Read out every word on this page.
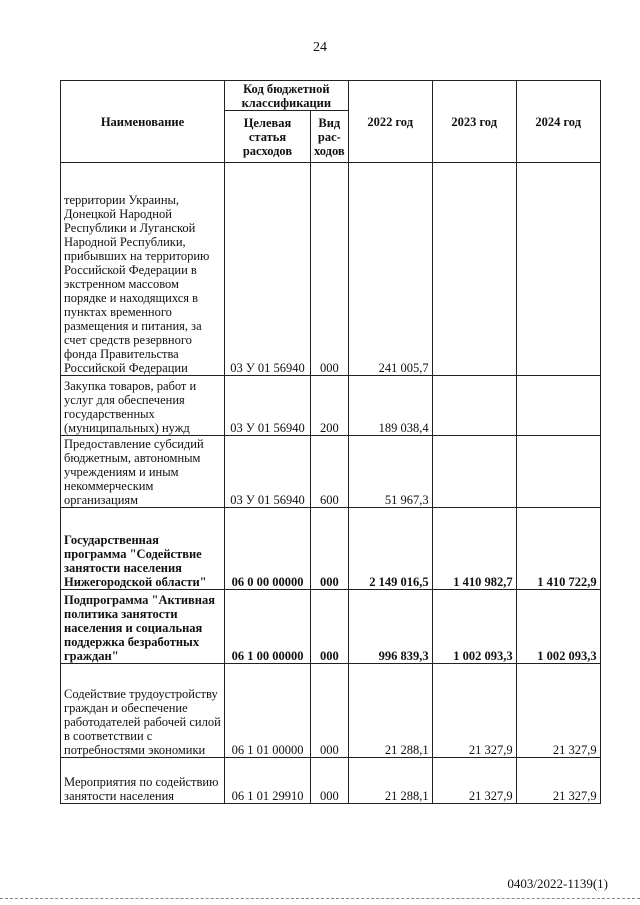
24
Наименование	Код бюджетной классификации		2022 год	2023 год	2024 год
	Целевая статья расходов	Вид рас-ходов			
территории Украины, Донецкой Народной Республики и Луганской Народной Республики, прибывших на территорию Российской Федерации в экстренном массовом порядке и находящихся в пунктах временного размещения и питания, за счет средств резервного фонда Правительства Российской Федерации	03 У 01 56940	000	241 005,7		
Закупка товаров, работ и услуг для обеспечения государственных (муниципальных) нужд	03 У 01 56940	200	189 038,4		
Предоставление субсидий бюджетным, автономным учреждениям и иным некоммерческим организациям	03 У 01 56940	600	51 967,3		
Государственная программа "Содействие занятости населения Нижегородской области"	06 0 00 00000	000	2 149 016,5	1 410 982,7	1 410 722,9
Подпрограмма "Активная политика занятости населения и социальная поддержка безработных граждан"	06 1 00 00000	000	996 839,3	1 002 093,3	1 002 093,3
Содействие трудоустройству граждан и обеспечение работодателей рабочей силой в соответствии с потребностями экономики	06 1 01 00000	000	21 288,1	21 327,9	21 327,9
Мероприятия по содействию занятости населения	06 1 01 29910	000	21 288,1	21 327,9	21 327,9
0403/2022-1139(1)
